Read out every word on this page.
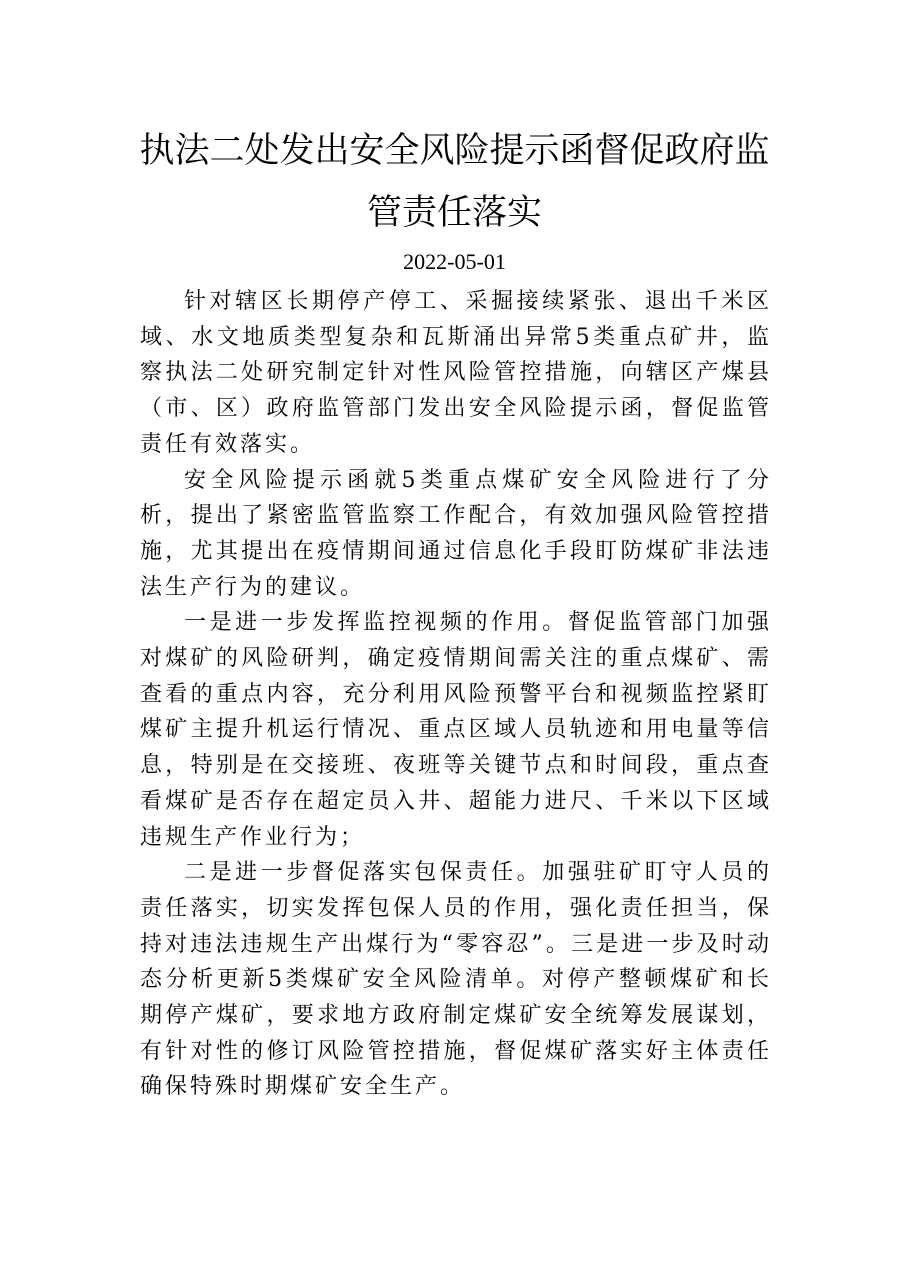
执法二处发出安全风险提示函督促政府监
管责任落实
2022-05-01

针对辖区长期停产停工、采掘接续紧张、退出千米区域、水文地质类型复杂和瓦斯涌出异常5类重点矿井，监察执法二处研究制定针对性风险管控措施，向辖区产煤县（市、区）政府监管部门发出安全风险提示函，督促监管责任有效落实。

安全风险提示函就5类重点煤矿安全风险进行了分析，提出了紧密监管监察工作配合，有效加强风险管控措施，尤其提出在疫情期间通过信息化手段盯防煤矿非法违法生产行为的建议。

一是进一步发挥监控视频的作用。督促监管部门加强对煤矿的风险研判，确定疫情期间需关注的重点煤矿、需查看的重点内容，充分利用风险预警平台和视频监控紧盯煤矿主提升机运行情况、重点区域人员轨迹和用电量等信息，特别是在交接班、夜班等关键节点和时间段，重点查看煤矿是否存在超定员入井、超能力进尺、千米以下区域违规生产作业行为；

二是进一步督促落实包保责任。加强驻矿盯守人员的责任落实，切实发挥包保人员的作用，强化责任担当，保持对违法违规生产出煤行为“零容忍”。三是进一步及时动态分析更新5类煤矿安全风险清单。对停产整顿煤矿和长期停产煤矿，要求地方政府制定煤矿安全统筹发展谋划，有针对性的修订风险管控措施，督促煤矿落实好主体责任确保特殊时期煤矿安全生产。
